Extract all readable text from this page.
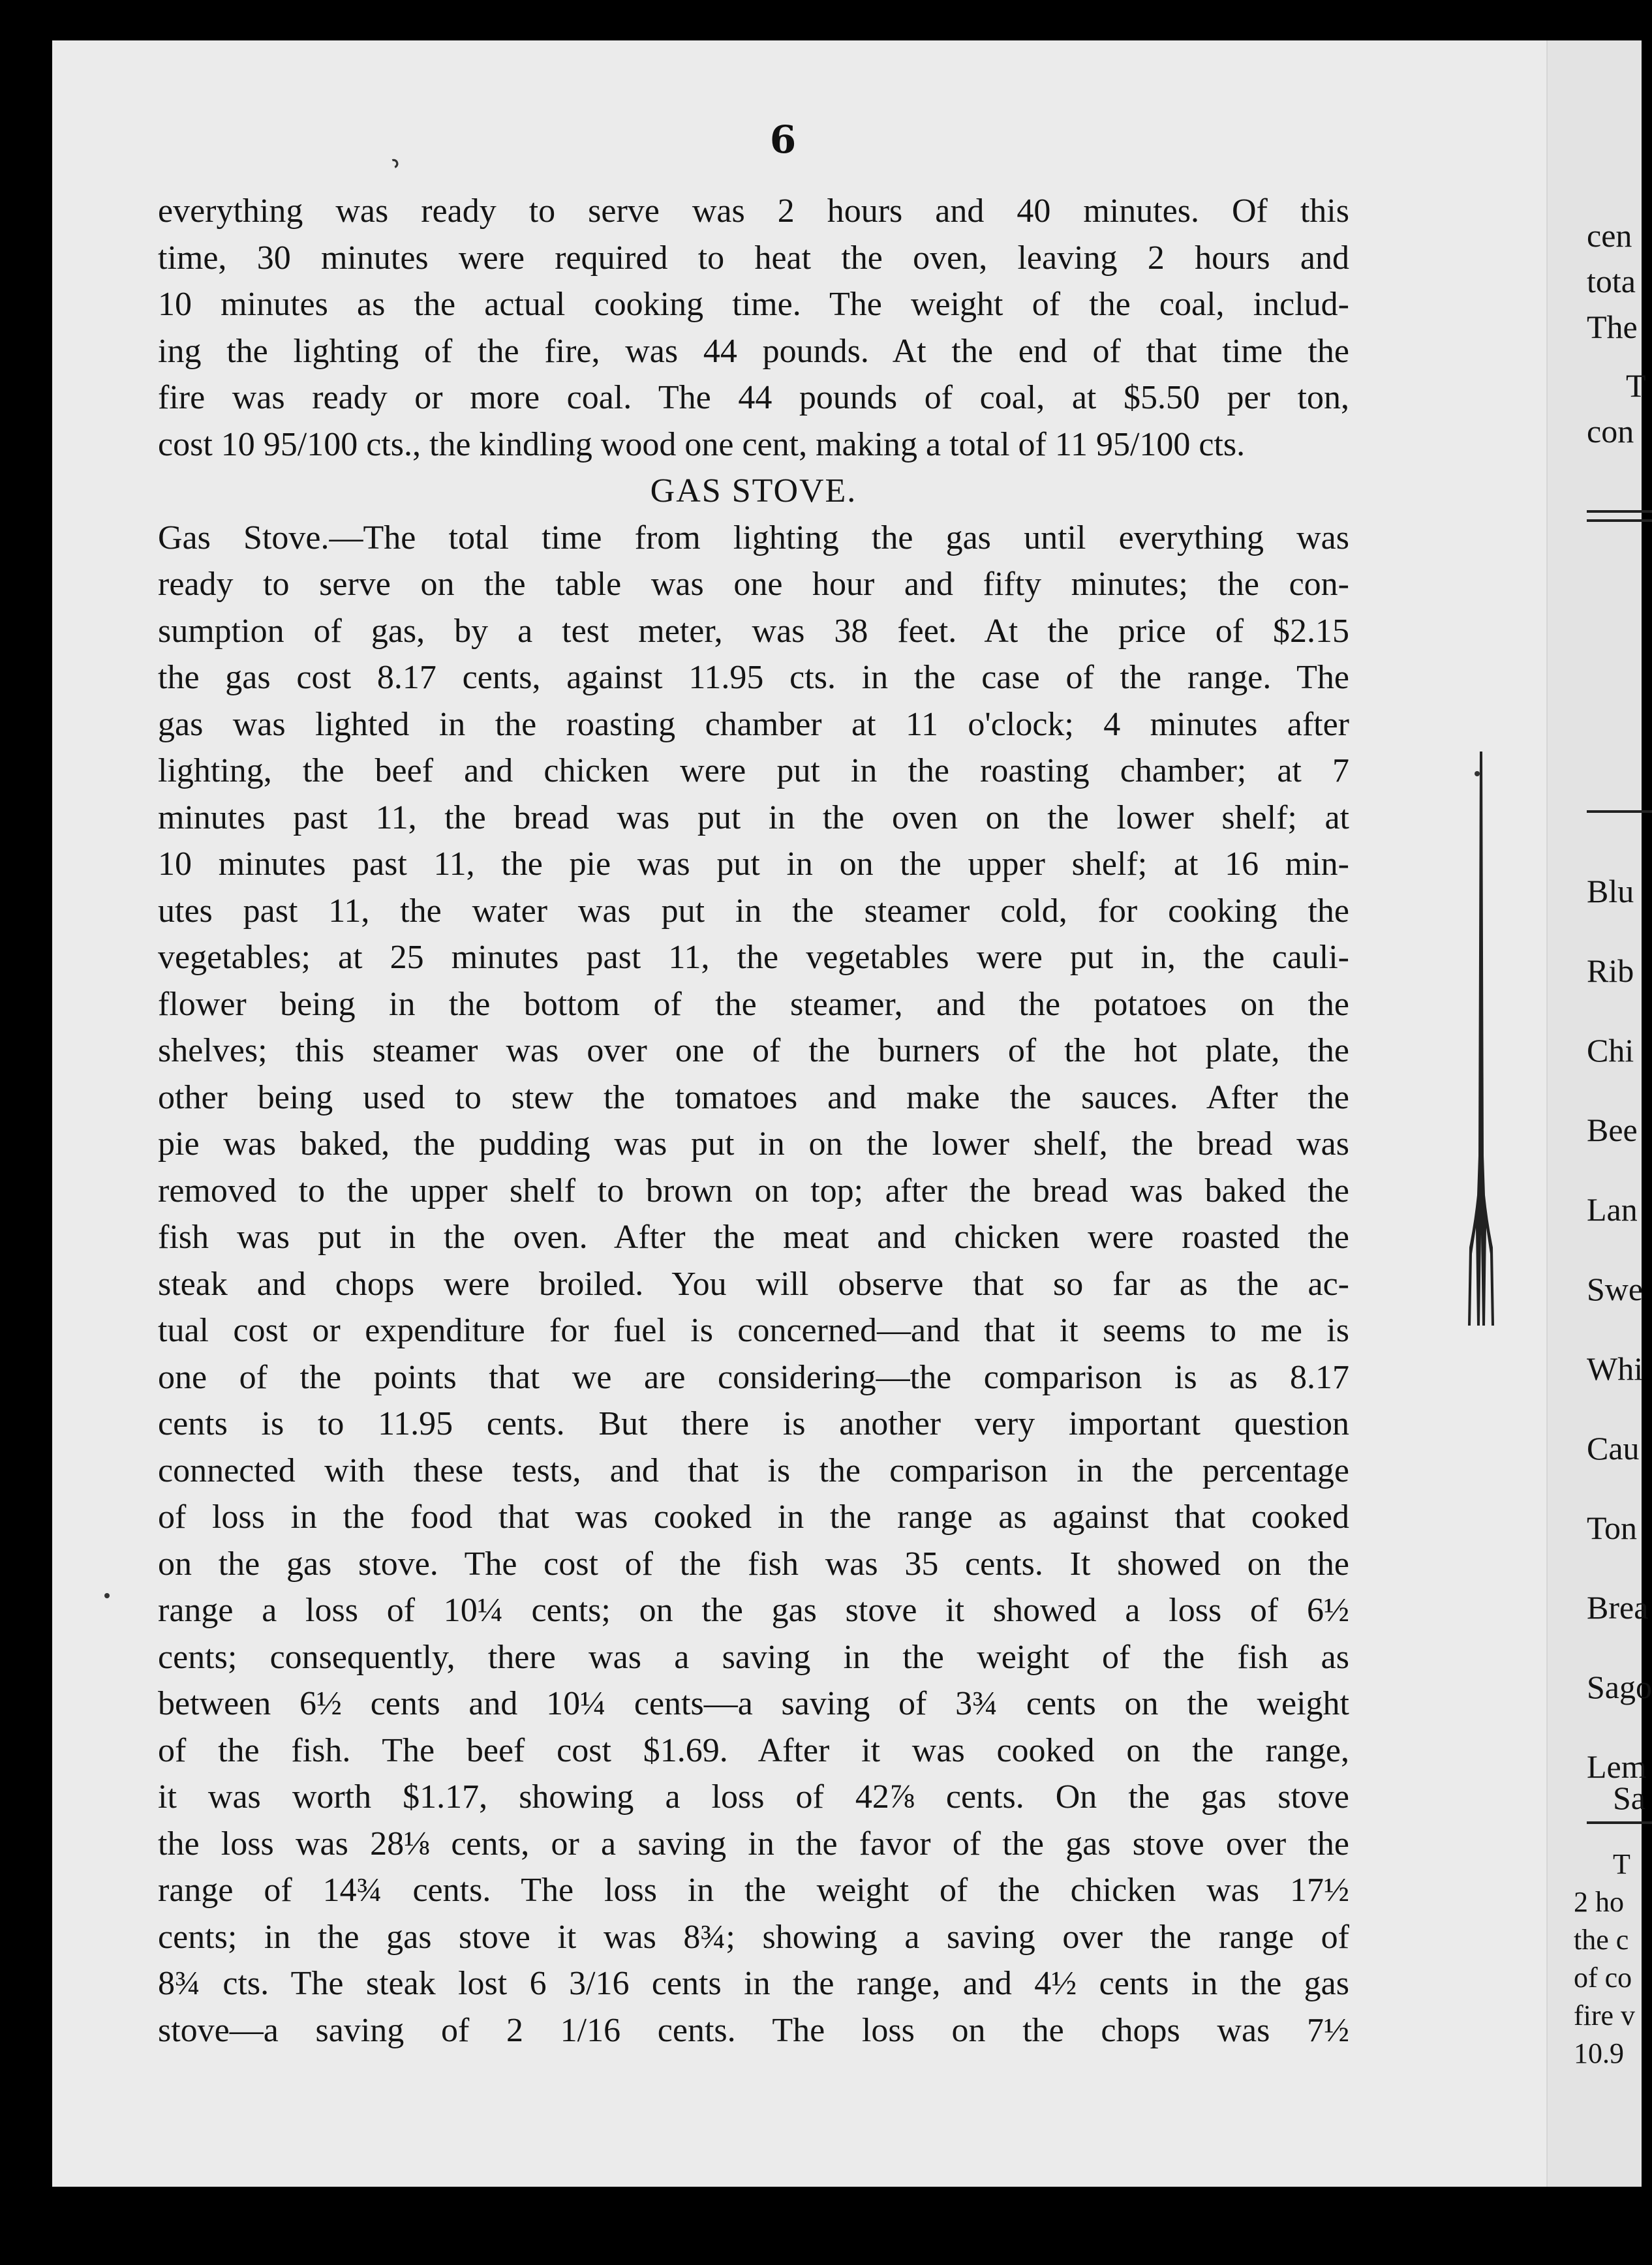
6
ʾ
everything was ready to serve was 2 hours and 40 minutes. Of this
time, 30 minutes were required to heat the oven, leaving 2 hours and
10 minutes as the actual cooking time. The weight of the coal, includ-
ing the lighting of the fire, was 44 pounds. At the end of that time the
fire was ready or more coal. The 44 pounds of coal, at $5.50 per ton,
cost 10 95/100 cts., the kindling wood one cent, making a total of 11 95/100 cts.
GAS STOVE.
Gas Stove.—The total time from lighting the gas until everything was
ready to serve on the table was one hour and fifty minutes; the con-
sumption of gas, by a test meter, was 38 feet. At the price of $2.15
the gas cost 8.17 cents, against 11.95 cts. in the case of the range. The
gas was lighted in the roasting chamber at 11 o'clock; 4 minutes after
lighting, the beef and chicken were put in the roasting chamber; at 7
minutes past 11, the bread was put in the oven on the lower shelf; at
10 minutes past 11, the pie was put in on the upper shelf; at 16 min-
utes past 11, the water was put in the steamer cold, for cooking the
vegetables; at 25 minutes past 11, the vegetables were put in, the cauli-
flower being in the bottom of the steamer, and the potatoes on the
shelves; this steamer was over one of the burners of the hot plate, the
other being used to stew the tomatoes and make the sauces. After the
pie was baked, the pudding was put in on the lower shelf, the bread was
removed to the upper shelf to brown on top; after the bread was baked the
fish was put in the oven. After the meat and chicken were roasted the
steak and chops were broiled. You will observe that so far as the ac-
tual cost or expenditure for fuel is concerned—and that it seems to me is
one of the points that we are considering—the comparison is as 8.17
cents is to 11.95 cents. But there is another very important question
connected with these tests, and that is the comparison in the percentage
of loss in the food that was cooked in the range as against that cooked
on the gas stove. The cost of the fish was 35 cents. It showed on the
range a loss of 10¼ cents; on the gas stove it showed a loss of 6½
cents; consequently, there was a saving in the weight of the fish as
between 6½ cents and 10¼ cents—a saving of 3¾ cents on the weight
of the fish. The beef cost $1.69. After it was cooked on the range,
it was worth $1.17, showing a loss of 42⅞ cents. On the gas stove
the loss was 28⅛ cents, or a saving in the favor of the gas stove over the
range of 14¾ cents. The loss in the weight of the chicken was 17½
cents; in the gas stove it was 8¾; showing a saving over the range of
8¾ cts. The steak lost 6 3/16 cents in the range, and 4½ cents in the gas
stove—a saving of 2 1/16 cents. The loss on the chops was 7½
cen
tota
The
T
con
Blu
Rib
Chi
Bee
Lan
Swe
Whi
Cau
Ton
Brea
Sago
Lem
Sa
T
2 ho
the c
of co
fire v
10.9
